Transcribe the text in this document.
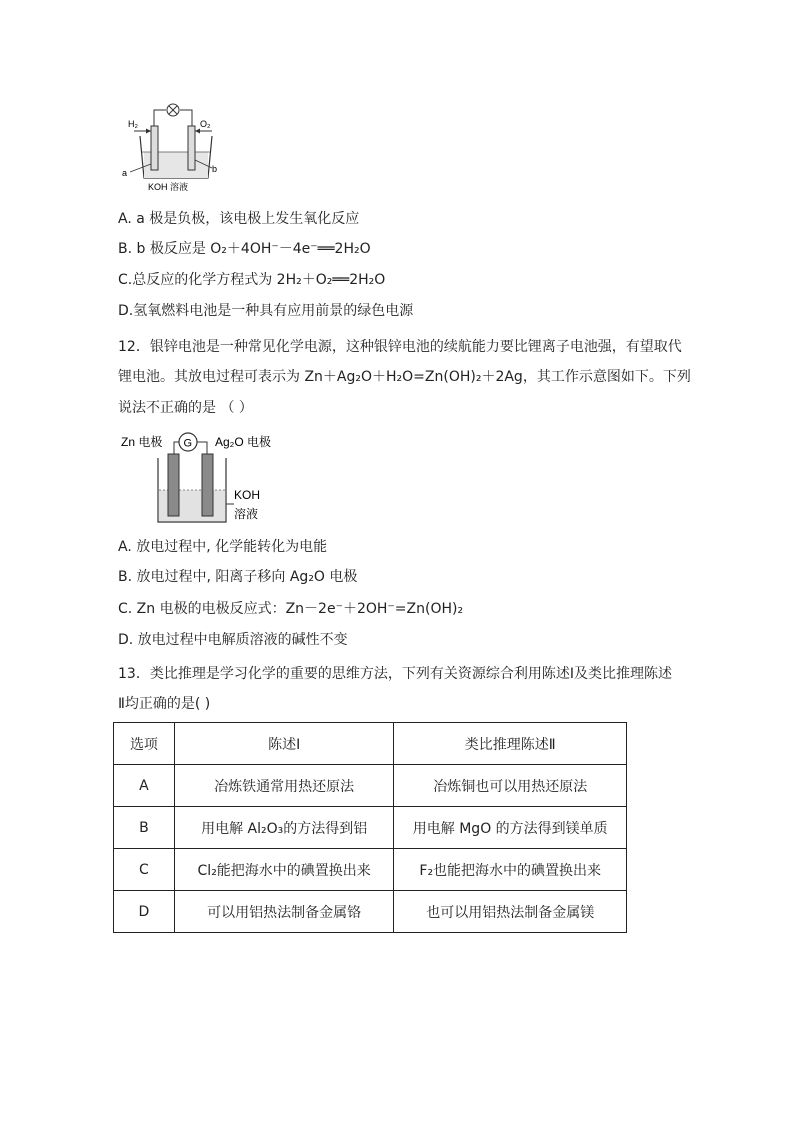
H₂	O₂
a	b
KOH 溶液
A. a 极是负极，该电极上发生氧化反应
B. b 极反应是 O₂＋4OH⁻－4e⁻══2H₂O
C.总反应的化学方程式为 2H₂＋O₂══2H₂O
D.氢氧燃料电池是一种具有应用前景的绿色电源
12．银锌电池是一种常见化学电源，这种银锌电池的续航能力要比锂离子电池强，有望取代
锂电池。其放电过程可表示为 Zn＋Ag₂O＋H₂O=Zn(OH)₂＋2Ag，其工作示意图如下。下列
说法不正确的是 （ ）
Zn 电极	Ag₂O 电极
G
KOH
溶液
A. 放电过程中, 化学能转化为电能
B. 放电过程中, 阳离子移向 Ag₂O 电极
C. Zn 电极的电极反应式：Zn－2e⁻＋2OH⁻=Zn(OH)₂
D. 放电过程中电解质溶液的碱性不变
13．类比推理是学习化学的重要的思维方法，下列有关资源综合利用陈述Ⅰ及类比推理陈述
Ⅱ均正确的是( )
选项	陈述Ⅰ	类比推理陈述Ⅱ
A	冶炼铁通常用热还原法	冶炼铜也可以用热还原法
B	用电解 Al₂O₃的方法得到铝	用电解 MgO 的方法得到镁单质
C	Cl₂能把海水中的碘置换出来	F₂也能把海水中的碘置换出来
D	可以用铝热法制备金属铬	也可以用铝热法制备金属镁
